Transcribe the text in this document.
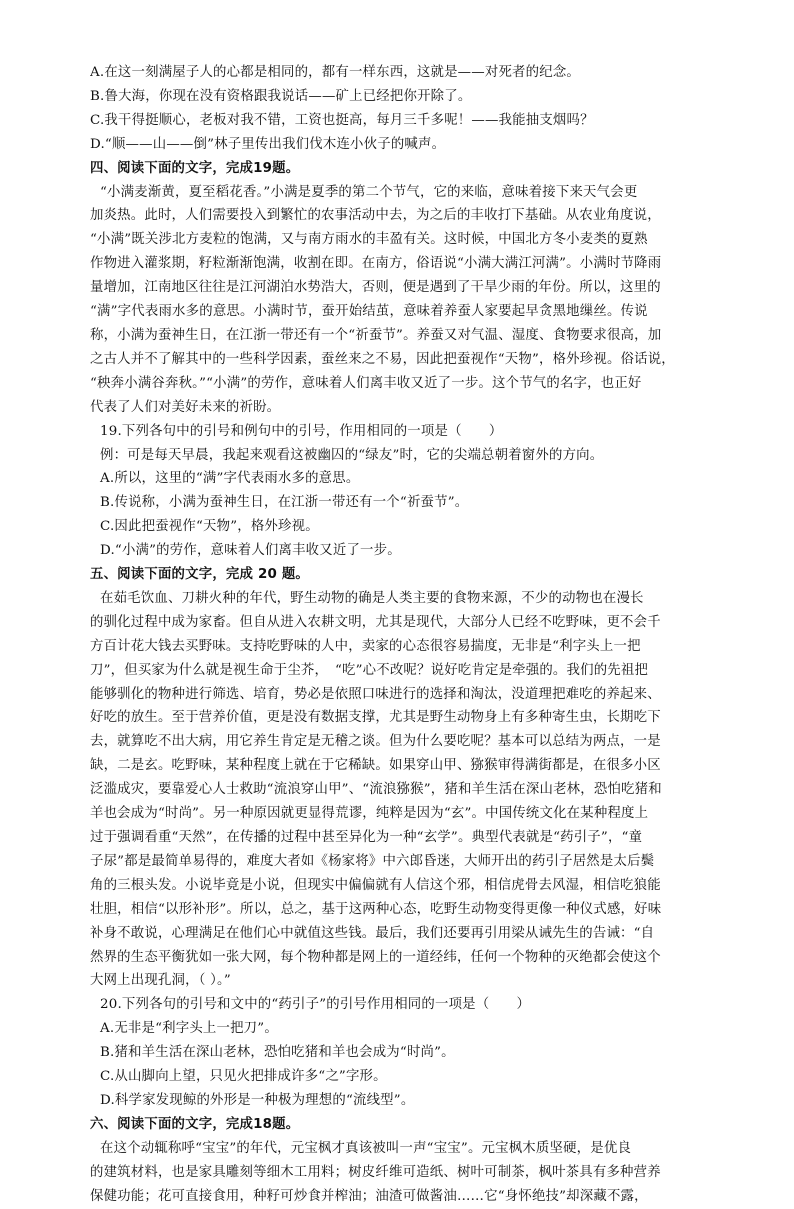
A.在这一刻满屋子人的心都是相同的，都有一样东西，这就是——对死者的纪念。

B.鲁大海，你现在没有资格跟我说话——矿上已经把你开除了。

C.我干得挺顺心，老板对我不错，工资也挺高，每月三千多呢！——我能抽支烟吗？

D.“顺——山——倒”林子里传出我们伐木连小伙子的喊声。

四、阅读下面的文字，完成19题。

“小满麦渐黄，夏至稻花香。”小满是夏季的第二个节气，它的来临，意味着接下来天气会更

加炎热。此时，人们需要投入到繁忙的农事活动中去，为之后的丰收打下基础。从农业角度说，

“小满”既关涉北方麦粒的饱满，又与南方雨水的丰盈有关。这时候，中国北方冬小麦类的夏熟

作物进入灌浆期，籽粒渐渐饱满，收割在即。在南方，俗语说“小满大满江河满”。小满时节降雨

量增加，江南地区往往是江河湖泊水势浩大，否则，便是遇到了干旱少雨的年份。所以，这里的

“满”字代表雨水多的意思。小满时节，蚕开始结茧，意味着养蚕人家要起早贪黑地缫丝。传说

称，小满为蚕神生日，在江浙一带还有一个“祈蚕节”。养蚕又对气温、湿度、食物要求很高，加

之古人并不了解其中的一些科学因素，蚕丝来之不易，因此把蚕视作“天物”，格外珍视。俗话说，

“秧奔小满谷奔秋。”“小满”的劳作，意味着人们离丰收又近了一步。这个节气的名字，也正好

代表了人们对美好未来的祈盼。

19.下列各句中的引号和例句中的引号，作用相同的一项是（　　）

例：可是每天早晨，我起来观看这被幽囚的“绿友”时，它的尖端总朝着窗外的方向。

A.所以，这里的“满”字代表雨水多的意思。

B.传说称，小满为蚕神生日，在江浙一带还有一个“祈蚕节”。

C.因此把蚕视作“天物”，格外珍视。

D.“小满”的劳作，意味着人们离丰收又近了一步。

五、阅读下面的文字，完成 20 题。

在茹毛饮血、刀耕火种的年代，野生动物的确是人类主要的食物来源，不少的动物也在漫长

的驯化过程中成为家畜。但自从进入农耕文明，尤其是现代，大部分人已经不吃野味，更不会千

方百计花大钱去买野味。支持吃野味的人中，卖家的心态很容易揣度，无非是“利字头上一把

刀”，但买家为什么就是视生命于尘芥，　“吃”心不改呢？说好吃肯定是牵强的。我们的先祖把

能够驯化的物种进行筛选、培育，势必是依照口味进行的选择和淘汰，没道理把难吃的养起来、

好吃的放生。至于营养价值，更是没有数据支撑，尤其是野生动物身上有多种寄生虫，长期吃下

去，就算吃不出大病，用它养生肯定是无稽之谈。但为什么要吃呢？基本可以总结为两点，一是

缺，二是玄。吃野味，某种程度上就在于它稀缺。如果穿山甲、猕猴审得满街都是，在很多小区

泛滥成灾，要靠爱心人士救助“流浪穿山甲”、“流浪猕猴”，猪和羊生活在深山老林，恐怕吃猪和

羊也会成为“时尚”。另一种原因就更显得荒谬，纯粹是因为“玄”。中国传统文化在某种程度上

过于强调看重“天然”，在传播的过程中甚至异化为一种“玄学”。典型代表就是“药引子”，“童

子尿”都是最简单易得的，难度大者如《杨家将》中六郎昏迷，大师开出的药引子居然是太后鬓

角的三根头发。小说毕竟是小说，但现实中偏偏就有人信这个邪，相信虎骨去风湿，相信吃狼能

壮胆，相信“以形补形”。所以，总之，基于这两种心态，吃野生动物变得更像一种仪式感，好味

补身不敢说，心理满足在他们心中就值这些钱。最后，我们还要再引用梁从诫先生的告诫：“自

然界的生态平衡犹如一张大网，每个物种都是网上的一道经纬，任何一个物种的灭绝都会使这个

大网上出现孔洞，（ ）。”

20.下列各句的引号和文中的“药引子”的引号作用相同的一项是（　　）

A.无非是“利字头上一把刀”。

B.猪和羊生活在深山老林，恐怕吃猪和羊也会成为“时尚”。

C.从山脚向上望，只见火把排成许多“之”字形。

D.科学家发现鲸的外形是一种极为理想的“流线型”。

六、阅读下面的文字，完成18题。

在这个动辄称呼“宝宝”的年代，元宝枫才真该被叫一声“宝宝”。元宝枫木质坚硬，是优良

的建筑材料，也是家具雕刻等细木工用料；树皮纤维可造纸、树叶可制茶，枫叶茶具有多种营养

保健功能；花可直接食用，种籽可炒食并榨油；油渣可做酱油……它“身怀绝技”却深藏不露，
